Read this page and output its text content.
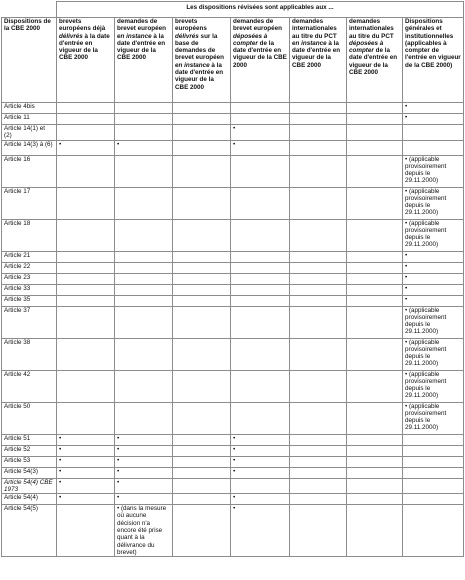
	Les dispositions révisées sont applicables aux ...						
Dispositions de la CBE 2000	brevets européens déjà délivrés à la date d'entrée en vigueur de la CBE 2000	demandes de brevet européen en instance à la date d'entrée en vigueur de la CBE 2000	brevets européens délivrés sur la base de demandes de brevet européen en instance à la date d'entrée en vigueur de la CBE 2000	demandes de brevet européen déposées à compter de la date d'entrée en vigueur de la CBE 2000	demandes internationales au titre du PCT en instance à la date d'entrée en vigueur de la CBE 2000	demandes internationales au titre du PCT déposées à compter de la date d'entrée en vigueur de la CBE 2000	Dispositions générales et institutionnelles (applicables à compter de l'entrée en vigueur de la CBE 2000)
Article 4bis							•
Article 11							•
Article 14(1) et (2)				•			
Article 14(3) à (6)	•	•		•			
Article 16							• (applicable provisoirement depuis le 29.11.2000)
Article 17							• (applicable provisoirement depuis le 29.11.2000)
Article 18							• (applicable provisoirement depuis le 29.11.2000)
Article 21							•
Article 22							•
Article 23							•
Article 33							•
Article 35							•
Article 37							• (applicable provisoirement depuis le 29.11.2000)
Article 38							• (applicable provisoirement depuis le 29.11.2000)
Article 42							• (applicable provisoirement depuis le 29.11.2000)
Article 50							• (applicable provisoirement depuis le 29.11.2000)
Article 51	•	•		•			
Article 52	•	•		•			
Article 53	•	•		•			
Article 54(3)	•	•		•			
Article 54(4) CBE 1973	•	•					
Article 54(4)	•	•		•			
Article 54(5)		• (dans la mesure où aucune décision n'a encore été prise quant à la délivrance du brevet)		•			
